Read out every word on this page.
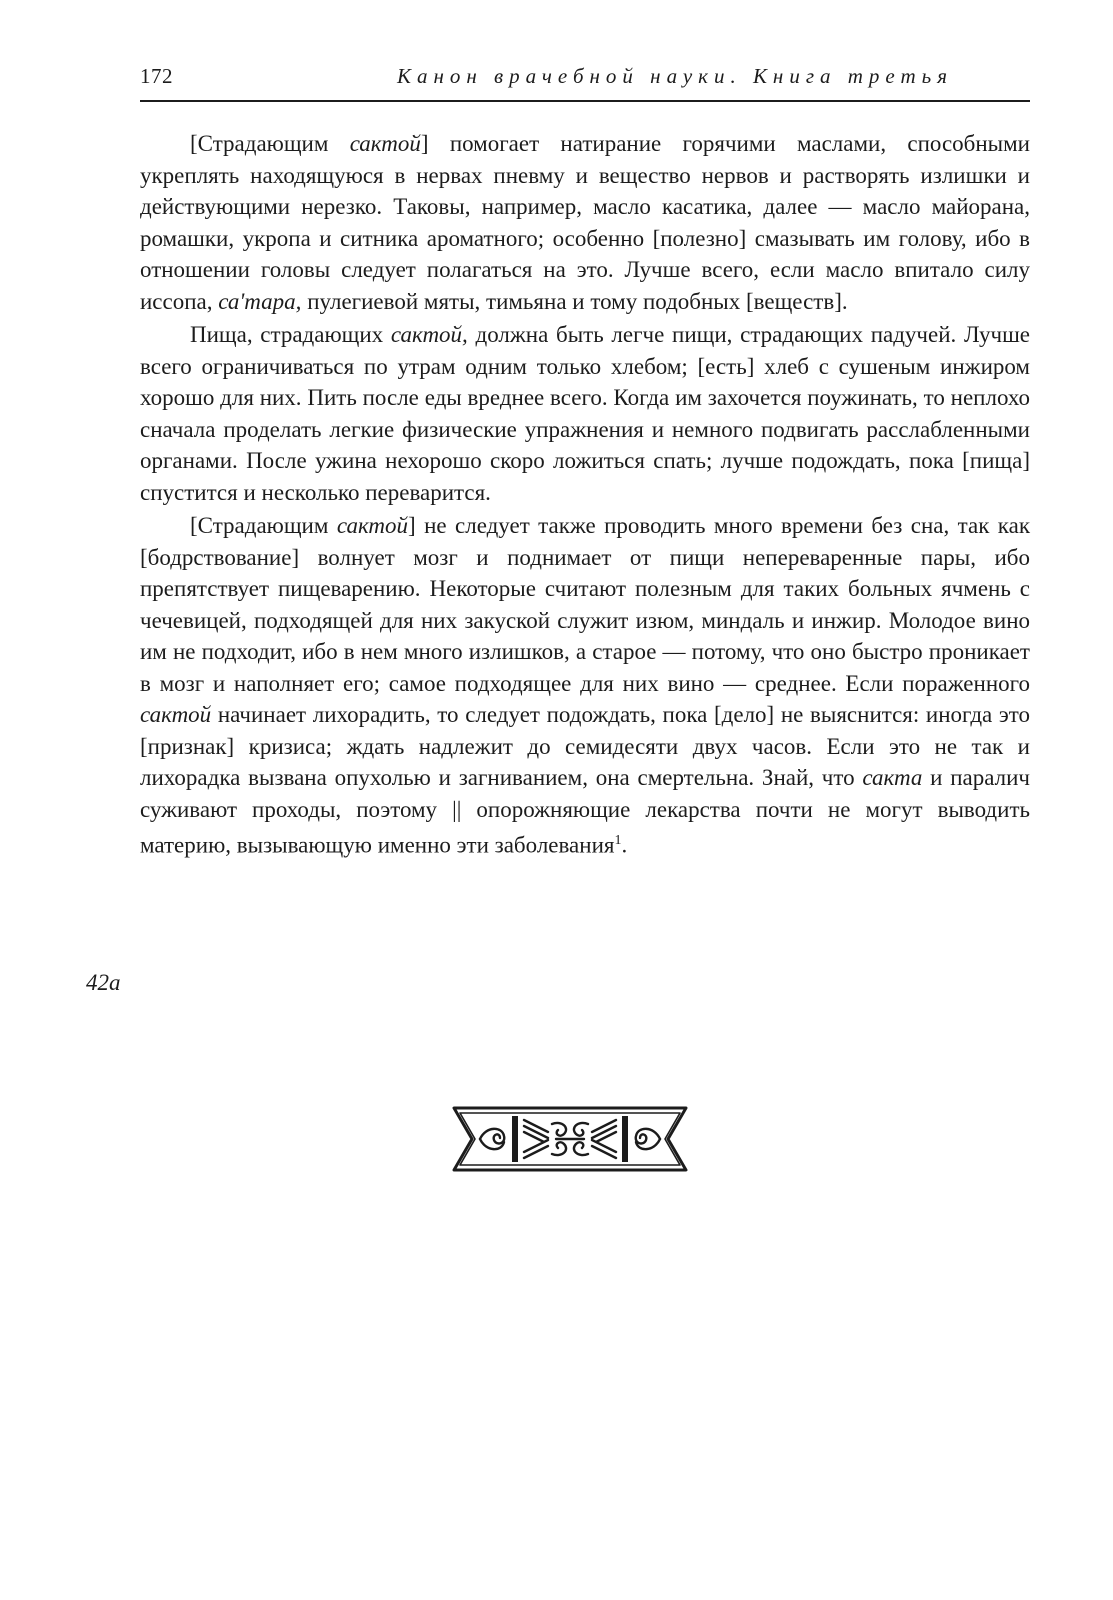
172	Канон врачебной науки. Книга третья
42a

[Страдающим сактой] помогает натирание горячими маслами, способными укреплять находящуюся в нервах пневму и вещество нервов и растворять излишки и действующими нерезко. Таковы, например, масло касатика, далее — масло майорана, ромашки, укропа и ситника ароматного; особенно [полезно] смазывать им голову, ибо в отношении головы следует полагаться на это. Лучше всего, если масло впитало силу иссопа, са'тара, пулегиевой мяты, тимьяна и тому подобных [веществ].

Пища, страдающих сактой, должна быть легче пищи, страдающих падучей. Лучше всего ограничиваться по утрам одним только хлебом; [есть] хлеб с сушеным инжиром хорошо для них. Пить после еды вреднее всего. Когда им захочется поужинать, то неплохо сначала проделать легкие физические упражнения и немного подвигать расслабленными органами. После ужина нехорошо скоро ложиться спать; лучше подождать, пока [пища] спустится и несколько переварится.

[Страдающим сактой] не следует также проводить много времени без сна, так как [бодрствование] волнует мозг и поднимает от пищи непереваренные пары, ибо препятствует пищеварению. Некоторые считают полезным для таких больных ячмень с чечевицей, подходящей для них закуской служит изюм, миндаль и инжир. Молодое вино им не подходит, ибо в нем много излишков, а старое — потому, что оно быстро проникает в мозг и наполняет его; самое подходящее для них вино — среднее. Если пораженного сактой начинает лихорадить, то следует подождать, пока [дело] не выяснится: иногда это [признак] кризиса; ждать надлежит до семидесяти двух часов. Если это не так и лихорадка вызвана опухолью и загниванием, она смертельна. Знай, что сакта и паралич суживают проходы, поэтому || опорожняющие лекарства почти не могут выводить материю, вызывающую именно эти заболевания$^1$.
